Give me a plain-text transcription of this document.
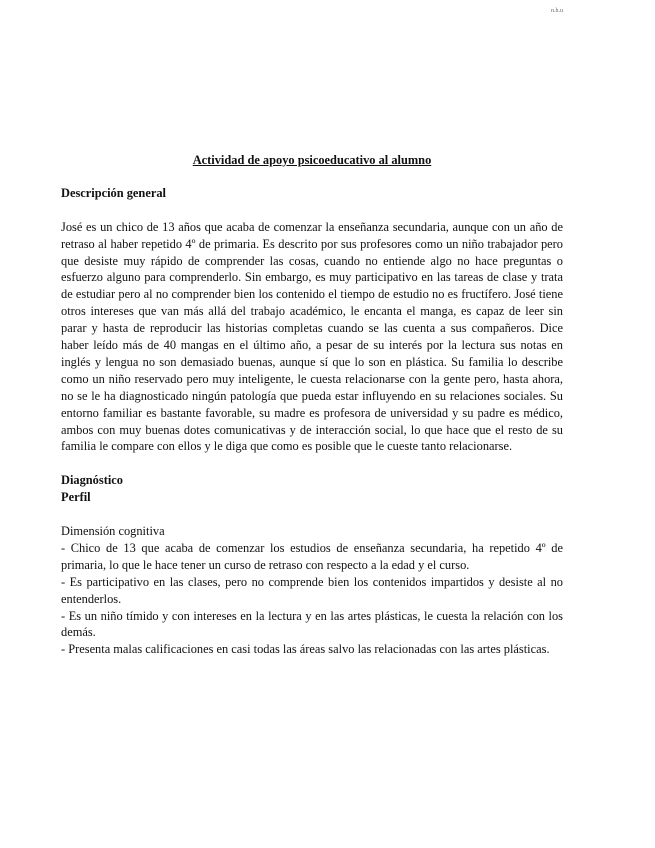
n.h.u

Actividad de apoyo psicoeducativo al alumno

Descripción general

José es un chico de 13 años que acaba de comenzar la enseñanza secundaria, aunque con un año de retraso al haber repetido 4º de primaria. Es descrito por sus profesores como un niño trabajador pero que desiste muy rápido de comprender las cosas, cuando no entiende algo no hace preguntas o esfuerzo alguno para comprenderlo. Sin embargo, es muy participativo en las tareas de clase y trata de estudiar pero al no comprender bien los contenido el tiempo de estudio no es fructífero. José tiene otros intereses que van más allá del trabajo académico, le encanta el manga, es capaz de leer sin parar y hasta de reproducir las historias completas cuando se las cuenta a sus compañeros. Dice haber leído más de 40 mangas en el último año, a pesar de su interés por la lectura sus notas en inglés y lengua no son demasiado buenas, aunque sí que lo son en plástica. Su familia lo describe como un niño reservado pero muy inteligente, le cuesta relacionarse con la gente pero, hasta ahora, no se le ha diagnosticado ningún patología que pueda estar influyendo en su relaciones sociales. Su entorno familiar es bastante favorable, su madre es profesora de universidad y su padre es médico, ambos con muy buenas dotes comunicativas y de interacción social, lo que hace que el resto de su familia le compare con ellos y le diga que como es posible que le cueste tanto relacionarse.

Diagnóstico

Perfil

Dimensión cognitiva

- Chico de 13 que acaba de comenzar los estudios de enseñanza secundaria, ha repetido 4º de primaria, lo que le hace tener un curso de retraso con respecto a la edad y el curso.

- Es participativo en las clases, pero no comprende bien los contenidos impartidos y desiste al no entenderlos.

- Es un niño tímido y con intereses en la lectura y en las artes plásticas, le cuesta la relación con los demás.

- Presenta malas calificaciones en casi todas las áreas salvo las relacionadas con las artes plásticas.
